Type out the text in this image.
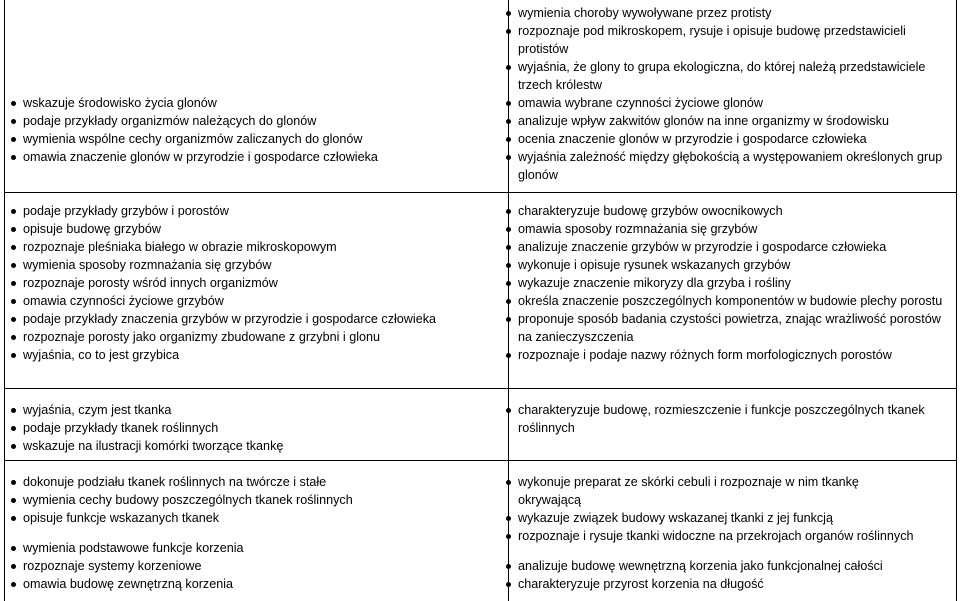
wskazuje środowisko życia glonów
podaje przykłady organizmów należących do glonów
wymienia wspólne cechy organizmów zaliczanych do glonów
omawia znaczenie glonów w przyrodzie i gospodarce człowieka
wymienia choroby wywoływane przez protisty
rozpoznaje pod mikroskopem, rysuje i opisuje budowę przedstawicieli protistów
wyjaśnia, że glony to grupa ekologiczna, do której należą przedstawiciele trzech królestw
omawia wybrane czynności życiowe glonów
analizuje wpływ zakwitów glonów na inne organizmy w środowisku
ocenia znaczenie glonów w przyrodzie i gospodarce człowieka
wyjaśnia zależność między głębokością a występowaniem określonych grup glonów
podaje przykłady grzybów i porostów
opisuje budowę grzybów
rozpoznaje pleśniaka białego w obrazie mikroskopowym
wymienia sposoby rozmnażania się grzybów
rozpoznaje porosty wśród innych organizmów
omawia czynności życiowe grzybów
podaje przykłady znaczenia grzybów w przyrodzie i gospodarce człowieka
rozpoznaje porosty jako organizmy zbudowane z grzybni i glonu
wyjaśnia, co to jest grzybica
charakteryzuje budowę grzybów owocnikowych
omawia sposoby rozmnażania się grzybów
analizuje znaczenie grzybów w przyrodzie i gospodarce człowieka
wykonuje i opisuje rysunek wskazanych grzybów
wykazuje znaczenie mikoryzy dla grzyba i rośliny
określa znaczenie poszczególnych komponentów w budowie plechy porostu
proponuje sposób badania czystości powietrza, znając wrażliwość porostów na zanieczyszczenia
rozpoznaje i podaje nazwy różnych form morfologicznych porostów
wyjaśnia, czym jest tkanka
podaje przykłady tkanek roślinnych
wskazuje na ilustracji komórki tworzące tkankę
charakteryzuje budowę, rozmieszczenie i funkcje poszczególnych tkanek roślinnych
dokonuje podziału tkanek roślinnych na twórcze i stałe
wymienia cechy budowy poszczególnych tkanek roślinnych
opisuje funkcje wskazanych tkanek
wymienia podstawowe funkcje korzenia
rozpoznaje systemy korzeniowe
omawia budowę zewnętrzną korzenia
wykonuje preparat ze skórki cebuli i rozpoznaje w nim tkankę okrywającą
wykazuje związek budowy wskazanej tkanki z jej funkcją
rozpoznaje i rysuje tkanki widoczne na przekrojach organów roślinnych
analizuje budowę wewnętrzną korzenia jako funkcjonalnej całości
charakteryzuje przyrost korzenia na długość
